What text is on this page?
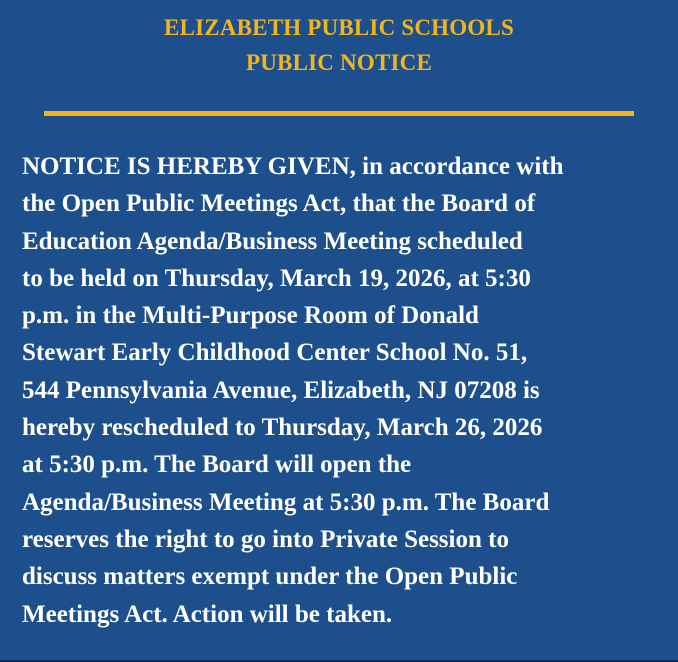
ELIZABETH PUBLIC SCHOOLS
PUBLIC NOTICE
NOTICE IS HEREBY GIVEN, in accordance with
the Open Public Meetings Act, that the Board of
Education Agenda/Business Meeting scheduled
to be held on Thursday, March 19, 2026, at 5:30
p.m. in the Multi-Purpose Room of Donald
Stewart Early Childhood Center School No. 51,
544 Pennsylvania Avenue, Elizabeth, NJ 07208 is
hereby rescheduled to Thursday, March 26, 2026
at 5:30 p.m. The Board will open the
Agenda/Business Meeting at 5:30 p.m. The Board
reserves the right to go into Private Session to
discuss matters exempt under the Open Public
Meetings Act. Action will be taken.
